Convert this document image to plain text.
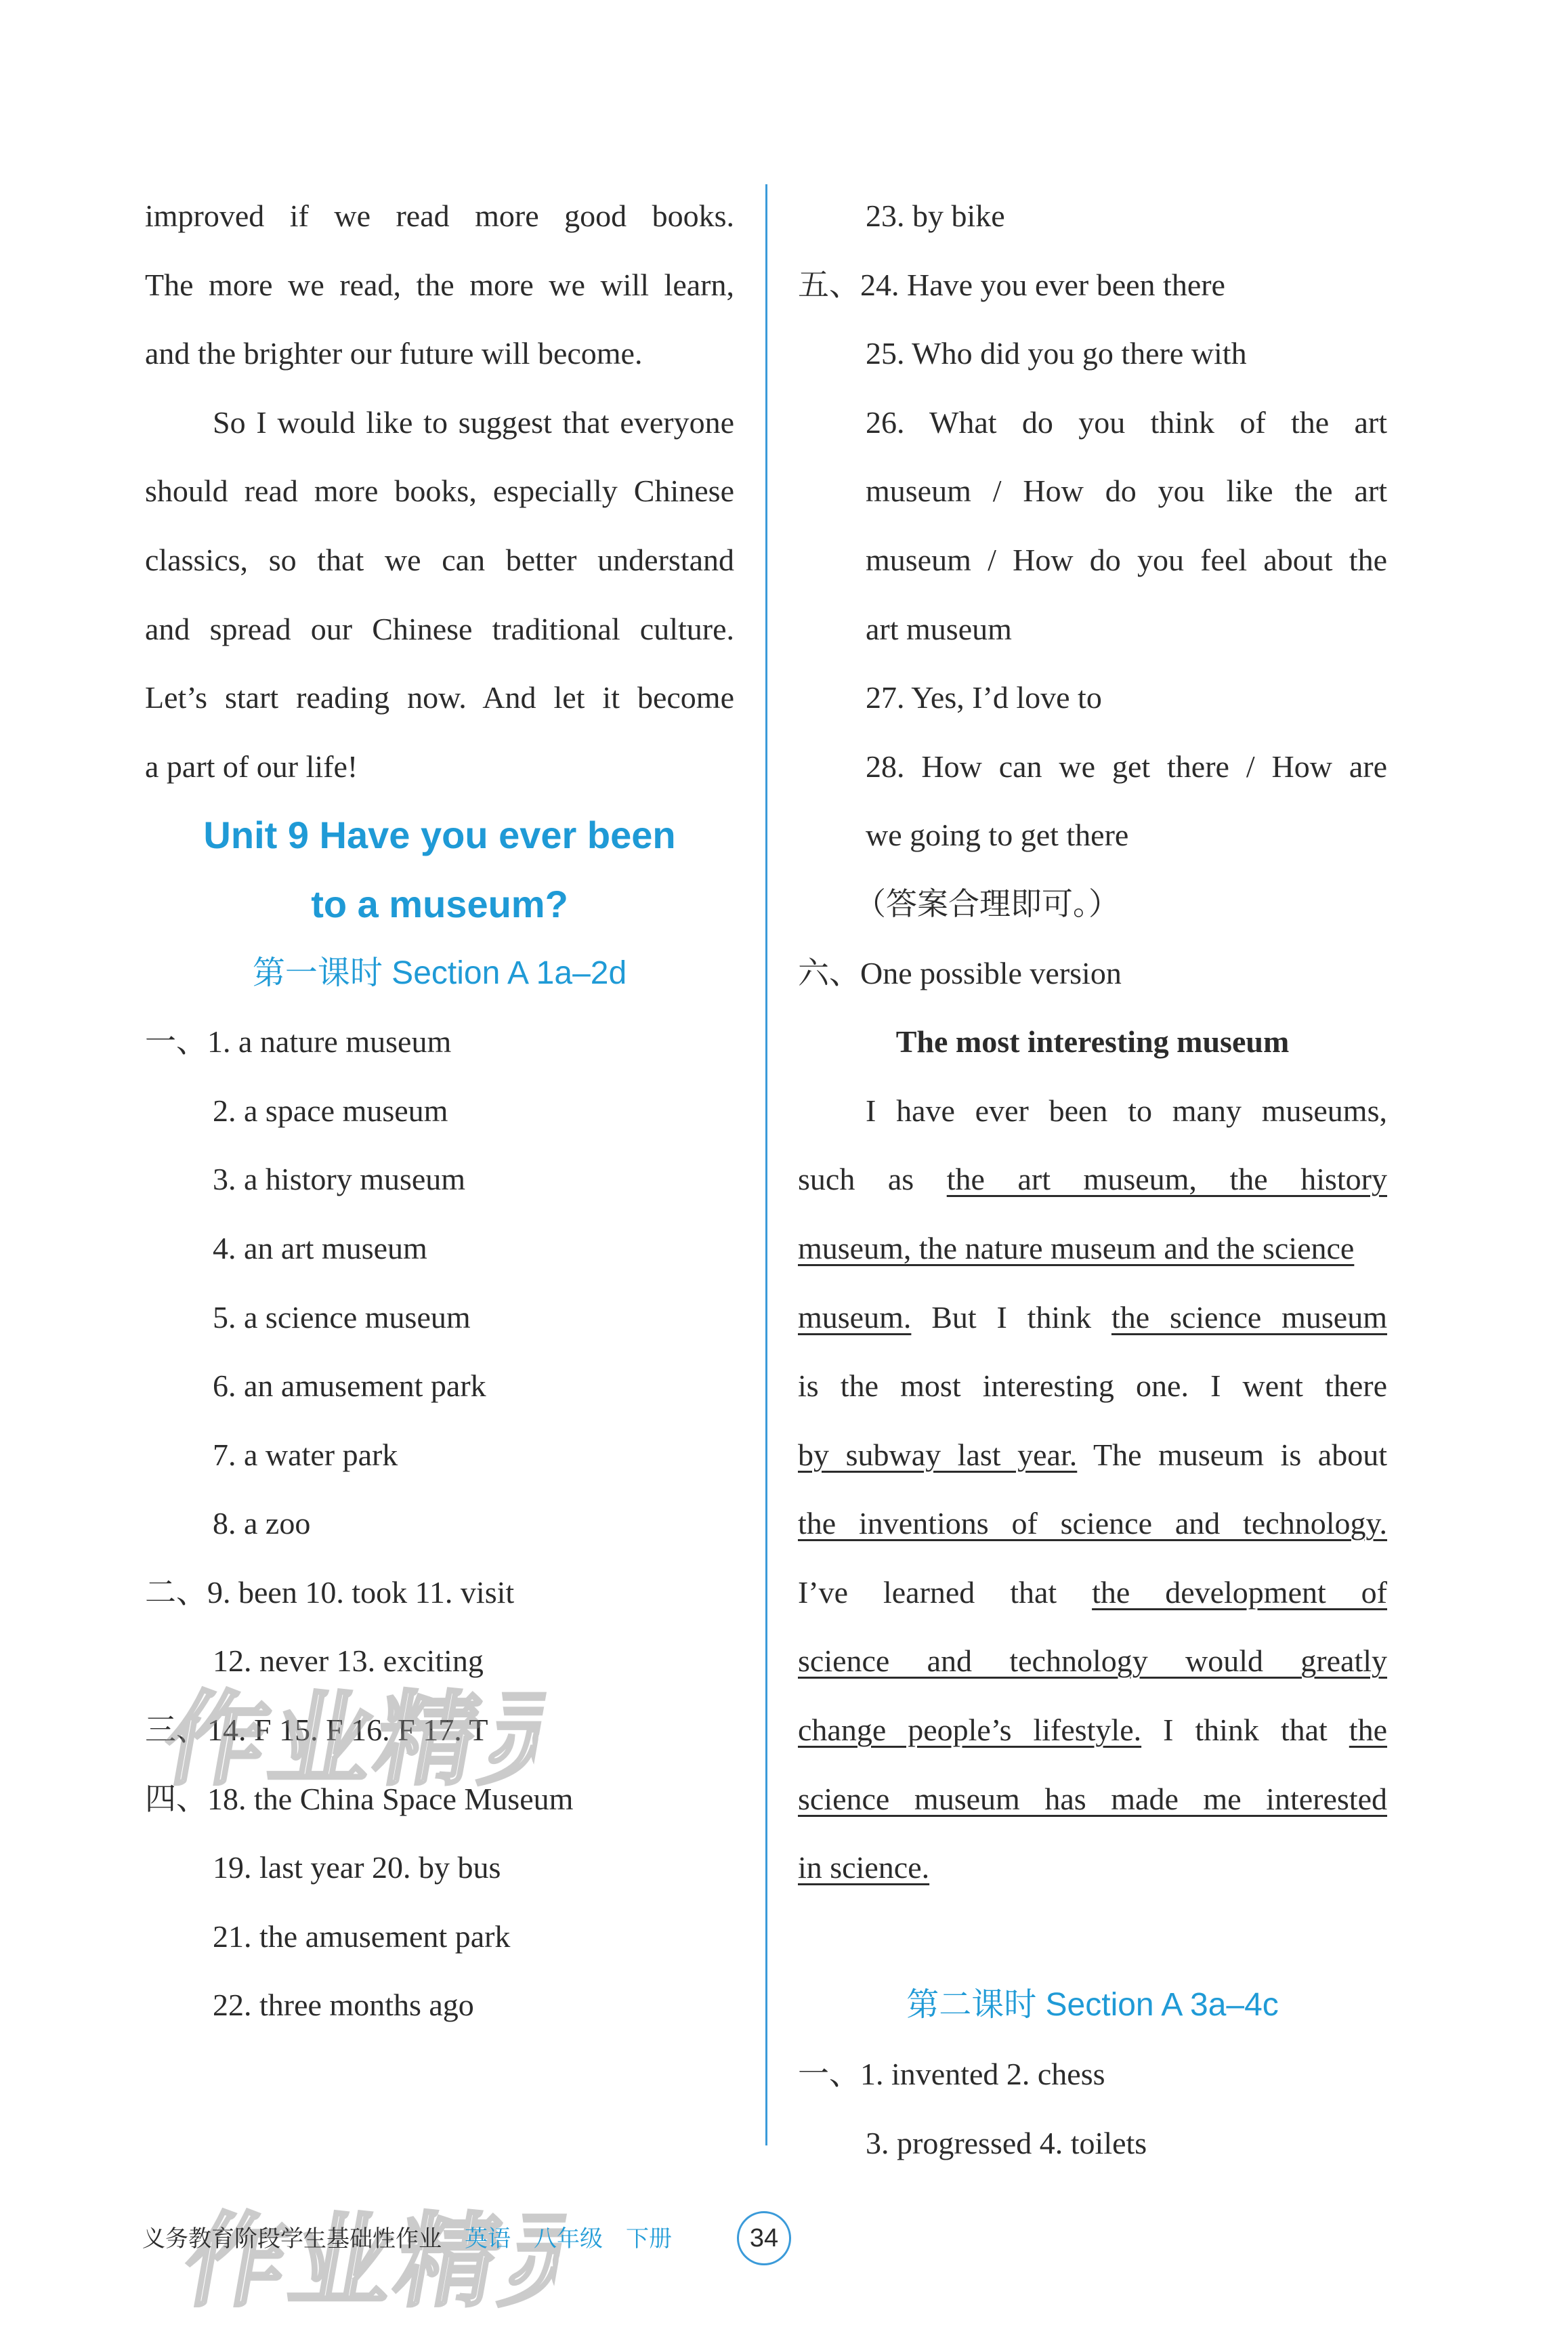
improved if we read more good books.
The more we read, the more we will learn,
and the brighter our future will become.
So I would like to suggest that everyone
should read more books, especially Chinese
classics, so that we can better understand
and spread our Chinese traditional culture.
Let’s start reading now. And let it become
a part of our life!
Unit 9 Have you ever been
to a museum?
第一课时 Section A 1a–2d
一、1. a nature museum
2. a space museum
3. a history museum
4. an art museum
5. a science museum
6. an amusement park
7. a water park
8. a zoo
二、9. been 10. took 11. visit
12. never 13. exciting
三、14. F 15. F 16. F 17. T
四、18. the China Space Museum
19. last year 20. by bus
21. the amusement park
22. three months ago
23. by bike
五、24. Have you ever been there
25. Who did you go there with
26. What do you think of the art
museum / How do you like the art
museum / How do you feel about the
art museum
27. Yes, I’d love to
28. How can we get there / How are
we going to get there
（答案合理即可。）
六、One possible version
The most interesting museum
I have ever been to many museums,
such as the art museum, the history
museum, the nature museum and the science
museum. But I think the science museum
is the most interesting one. I went there
by subway last year. The museum is about
the inventions of science and technology.
I’ve learned that the development of
science and technology would greatly
change people’s lifestyle. I think that the
science museum has made me interested
in science.
第二课时 Section A 3a–4c
一、1. invented 2. chess
3. progressed 4. toilets
作业精灵
作业精灵
义务教育阶段学生基础性作业 英语 八年级 下册	34
